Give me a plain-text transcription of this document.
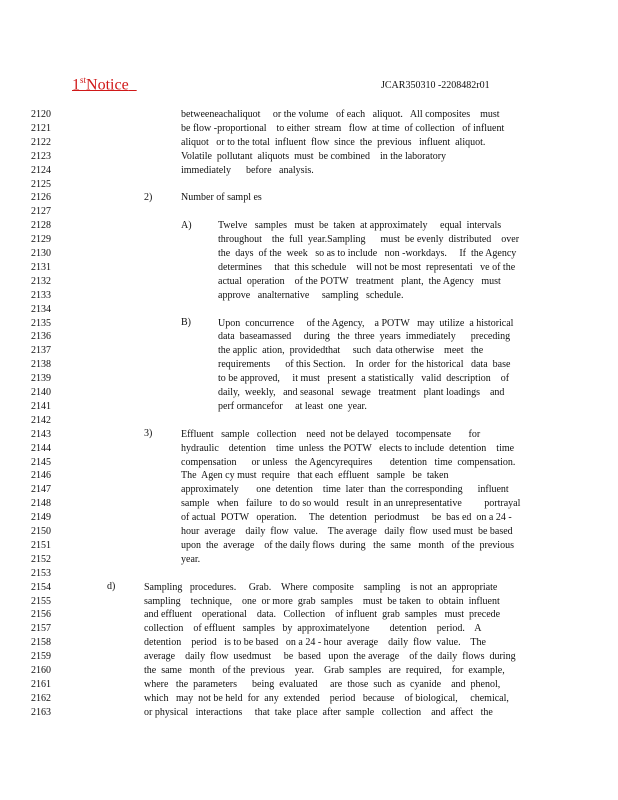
1stNotice	JCAR350310 -2208482r01
2120
2121
2122
2123
2124
2125
2126
2127
2128
2129
2130
2131
2132
2133
2134
2135
2136
2137
2138
2139
2140
2141
2142
2143
2144
2145
2146
2147
2148
2149
2150
2151
2152
2153
2154
2155
2156
2157
2158
2159
2160
2161
2162
2163
2)	Number of sampl es
A)
B)
3)
d)
betweeneachaliquot     or the volume   of each   aliquot.   All composites    must
be flow -proportional    to either  stream   flow  at time  of collection   of influent
aliquot   or to the total  influent  flow  since  the  previous   influent  aliquot.
Volatile  pollutant  aliquots  must  be combined    in the laboratory
immediately      before   analysis.
Twelve   samples   must  be  taken  at approximately     equal  intervals
throughout    the  full  year.Sampling      must  be evenly  distributed    over
the  days  of the  week   so as to include   non -workdays.     If  the Agency
determines     that  this schedule    will not be most  representati   ve of the
actual  operation    of the POTW   treatment   plant,  the Agency   must
approve   analternative     sampling   schedule.
Upon  concurrence     of the Agency,    a POTW   may  utilize  a historical
data  baseamassed     during   the  three  years  immediately      preceding
the applic  ation,  providedthat     such  data otherwise    meet   the
requirements      of this Section.    In  order  for  the historical   data  base
to be approved,     it must   present  a statistically   valid  description    of
daily,  weekly,   and seasonal   sewage   treatment   plant loadings    and
perf ormancefor     at least  one  year.
Effluent   sample   collection    need  not be delayed   tocompensate       for
hydraulic    detention    time  unless  the POTW   elects to include  detention    time
compensation      or unless   the Agencyrequires       detention   time  compensation.
The  Agen cy must  require   that each  effluent   sample   be  taken
approximately       one  detention    time  later  than  the corresponding      influent
sample   when   failure   to do so would   result  in an unrepresentative         portrayal
of actual  POTW   operation.     The  detention   periodmust     be  bas ed  on a 24 -
hour  average    daily  flow  value.    The average   daily  flow  used must  be based
upon  the  average    of the daily flows  during   the  same   month   of the  previous
year.
Sampling   procedures.     Grab.    Where  composite    sampling    is not  an  appropriate
sampling    technique,    one  or more  grab  samples    must  be taken  to  obtain  influent
and effluent    operational    data.   Collection    of influent  grab  samples   must  precede
collection    of effluent   samples   by  approximatelyone        detention    period.    A
detention    period   is to be based   on a 24 - hour  average    daily  flow  value.    The
average    daily  flow  usedmust     be  based   upon  the average    of the  daily  flows  during
the  same   month   of the  previous    year.    Grab  samples   are  required,    for  example,
where   the  parameters      being  evaluated     are  those  such  as  cyanide    and  phenol,
which   may  not be held  for  any  extended    period   because    of biological,     chemical,
or physical   interactions     that  take  place  after  sample   collection    and  affect   the
